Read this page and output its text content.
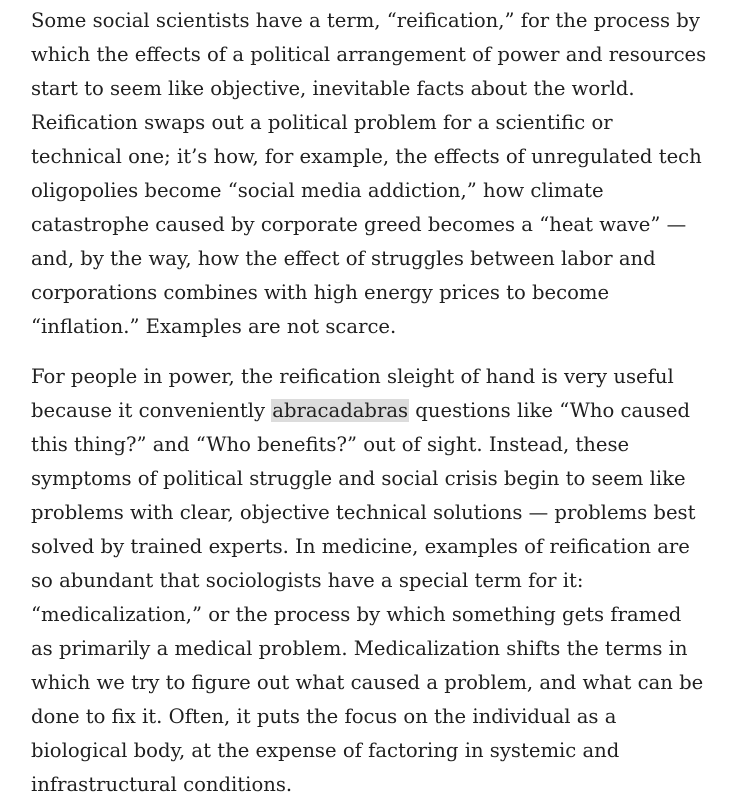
Some social scientists have a term, “reification,” for the process by
which the effects of a political arrangement of power and resources
start to seem like objective, inevitable facts about the world.
Reification swaps out a political problem for a scientific or
technical one; it’s how, for example, the effects of unregulated tech
oligopolies become “social media addiction,” how climate
catastrophe caused by corporate greed becomes a “heat wave” —
and, by the way, how the effect of struggles between labor and
corporations combines with high energy prices to become
“inflation.” Examples are not scarce.
For people in power, the reification sleight of hand is very useful
because it conveniently abracadabras questions like “Who caused
this thing?” and “Who benefits?” out of sight. Instead, these
symptoms of political struggle and social crisis begin to seem like
problems with clear, objective technical solutions — problems best
solved by trained experts. In medicine, examples of reification are
so abundant that sociologists have a special term for it:
“medicalization,” or the process by which something gets framed
as primarily a medical problem. Medicalization shifts the terms in
which we try to figure out what caused a problem, and what can be
done to fix it. Often, it puts the focus on the individual as a
biological body, at the expense of factoring in systemic and
infrastructural conditions.
